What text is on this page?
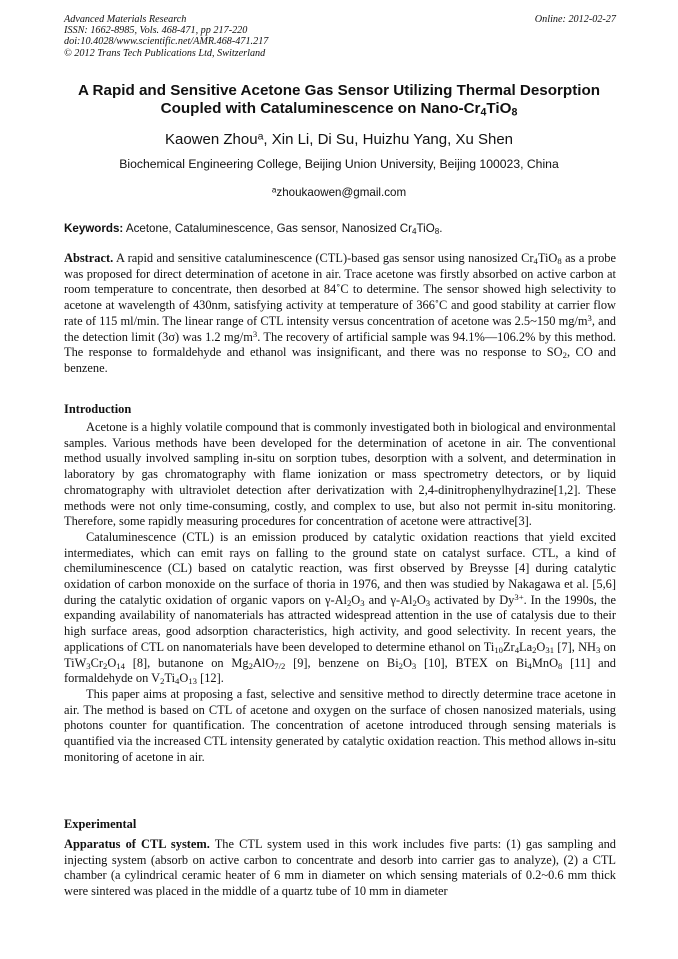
Advanced Materials Research	Online: 2012-02-27
ISSN: 1662-8985, Vols. 468-471, pp 217-220
doi:10.4028/www.scientific.net/AMR.468-471.217
© 2012 Trans Tech Publications Ltd, Switzerland
A Rapid and Sensitive Acetone Gas Sensor Utilizing Thermal Desorption
Coupled with Cataluminescence on Nano-$Cr_4TiO_8$
Kaowen Zhou$^a$, Xin Li, Di Su, Huizhu Yang, Xu Shen
Biochemical Engineering College, Beijing Union University, Beijing 100023, China
$^a$zhoukaowen@gmail.com
Keywords: Acetone, Cataluminescence, Gas sensor, Nanosized $Cr_4TiO_8$.

Abstract. A rapid and sensitive cataluminescence (CTL)-based gas sensor using nanosized $Cr_4TiO_8$ as a probe was proposed for direct determination of acetone in air. Trace acetone was firstly absorbed on active carbon at room temperature to concentrate, then desorbed at 84˚C to determine. The sensor showed high selectivity to acetone at wavelength of 430nm, satisfying activity at temperature of 366˚C and good stability at carrier flow rate of 115 ml/min. The linear range of CTL intensity versus concentration of acetone was 2.5~150 $mg/m^3$, and the detection limit (3σ) was 1.2 $mg/m^3$. The recovery of artificial sample was 94.1%—106.2% by this method. The response to formaldehyde and ethanol was insignificant, and there was no response to $SO_2$, CO and benzene.

Introduction

Acetone is a highly volatile compound that is commonly investigated both in biological and environmental samples. Various methods have been developed for the determination of acetone in air. The conventional method usually involved sampling in-situ on sorption tubes, desorption with a solvent, and determination in laboratory by gas chromatography with flame ionization or mass spectrometry detectors, or by liquid chromatography with ultraviolet detection after derivatization with 2,4-dinitrophenylhydrazine[1,2]. These methods were not only time-consuming, costly, and complex to use, but also not permit in-situ monitoring. Therefore, some rapidly measuring procedures for concentration of acetone were attractive[3].

Cataluminescence (CTL) is an emission produced by catalytic oxidation reactions that yield excited intermediates, which can emit rays on falling to the ground state on catalyst surface. CTL, a kind of chemiluminescence (CL) based on catalytic reaction, was first observed by Breysse [4] during catalytic oxidation of carbon monoxide on the surface of thoria in 1976, and then was studied by Nakagawa et al. [5,6] during the catalytic oxidation of organic vapors on $\gamma-Al_2O_3$ and $\gamma-Al_2O_3$ activated by $Dy^{3+}$. In the 1990s, the expanding availability of nanomaterials has attracted widespread attention in the use of catalysis due to their high surface areas, good adsorption characteristics, high activity, and good selectivity. In recent years, the applications of CTL on nanomaterials have been developed to determine ethanol on $Ti_{10}Zr_4La_2O_{31}$ [7], $NH_3$ on $TiW_3Cr_2O_{14}$ [8], butanone on $Mg_2AlO_{7/2}$ [9], benzene on $Bi_2O_3$ [10], BTEX on $Bi_4MnO_8$ [11] and formaldehyde on $V_2Ti_4O_{13}$ [12].

This paper aims at proposing a fast, selective and sensitive method to directly determine trace acetone in air. The method is based on CTL of acetone and oxygen on the surface of chosen nanosized materials, using photons counter for quantification. The concentration of acetone introduced through sensing materials is quantified via the increased CTL intensity generated by catalytic oxidation reaction. This method allows in-situ monitoring of acetone in air.

Experimental

Apparatus of CTL system. The CTL system used in this work includes five parts: (1) gas sampling and injecting system (absorb on active carbon to concentrate and desorb into carrier gas to analyze), (2) a CTL chamber (a cylindrical ceramic heater of 6 mm in diameter on which sensing materials of 0.2~0.6 mm thick were sintered was placed in the middle of a quartz tube of 10 mm in diameter
